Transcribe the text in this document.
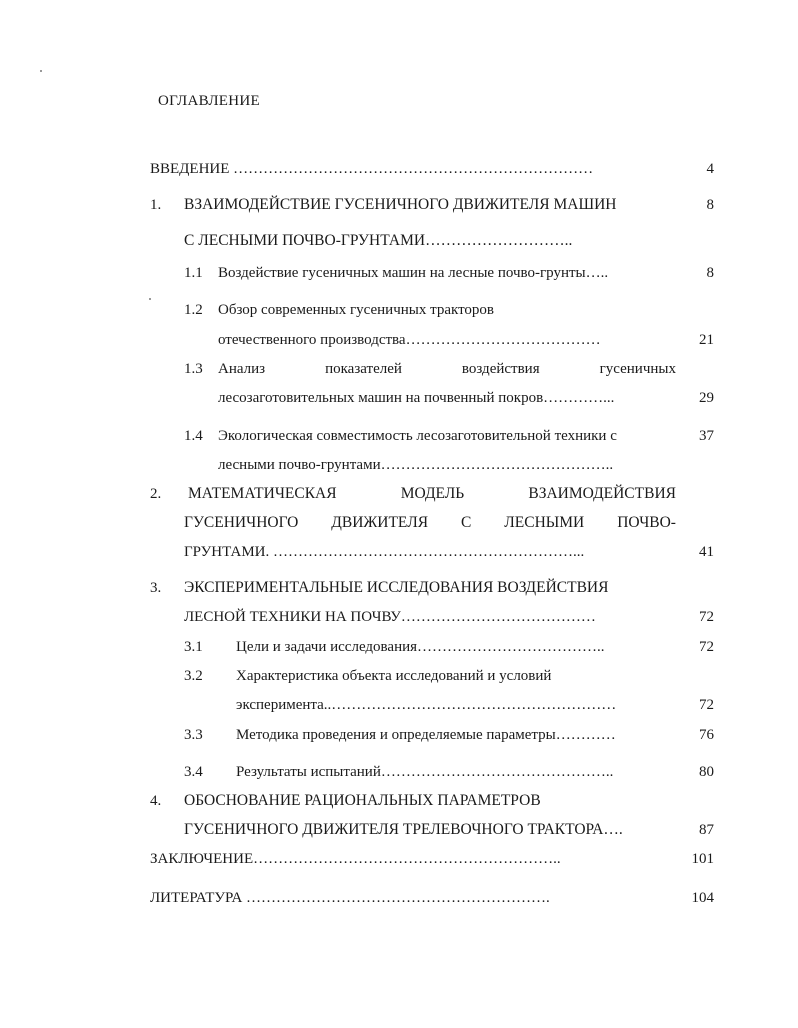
ОГЛАВЛЕНИЕ
ВВЕДЕНИЕ ………………………………………………………………	4
1. ВЗАИМОДЕЙСТВИЕ ГУСЕНИЧНОГО ДВИЖИТЕЛЯ МАШИН	8
С ЛЕСНЫМИ ПОЧВО-ГРУНТАМИ………………………..
1.1 Воздействие гусеничных машин на лесные почво-грунты…..	8
1.2 Обзор современных гусеничных тракторов
отечественного производства…………………………………	21
1.3 Анализ	показателей	воздействия	гусеничных
лесозаготовительных машин на почвенный покров…………...	29
1.4 Экологическая совместимость лесозаготовительной техники с	37
лесными почво-грунтами………………………………………..
2. МАТЕМАТИЧЕСКАЯ	МОДЕЛЬ	ВЗАИМОДЕЙСТВИЯ
ГУСЕНИЧНОГО ДВИЖИТЕЛЯ С ЛЕСНЫМИ ПОЧВО-
ГРУНТАМИ. ……………………………………………………...	41
3. ЭКСПЕРИМЕНТАЛЬНЫЕ ИССЛЕДОВАНИЯ ВОЗДЕЙСТВИЯ
ЛЕСНОЙ ТЕХНИКИ НА ПОЧВУ…………………………………	72
3.1 Цели и задачи исследования………………………………..	72
3.2 Характеристика объекта исследований и условий
эксперимента..…………………………………………………	72
3.3 Методика проведения и определяемые параметры…………	76
3.4 Результаты испытаний………………………………………..	80
4. ОБОСНОВАНИЕ РАЦИОНАЛЬНЫХ ПАРАМЕТРОВ
ГУСЕНИЧНОГО ДВИЖИТЕЛЯ ТРЕЛЕВОЧНОГО ТРАКТОРА….	87
ЗАКЛЮЧЕНИЕ……………………………………………………..	101
ЛИТЕРАТУРА …………………………………………………….	104
